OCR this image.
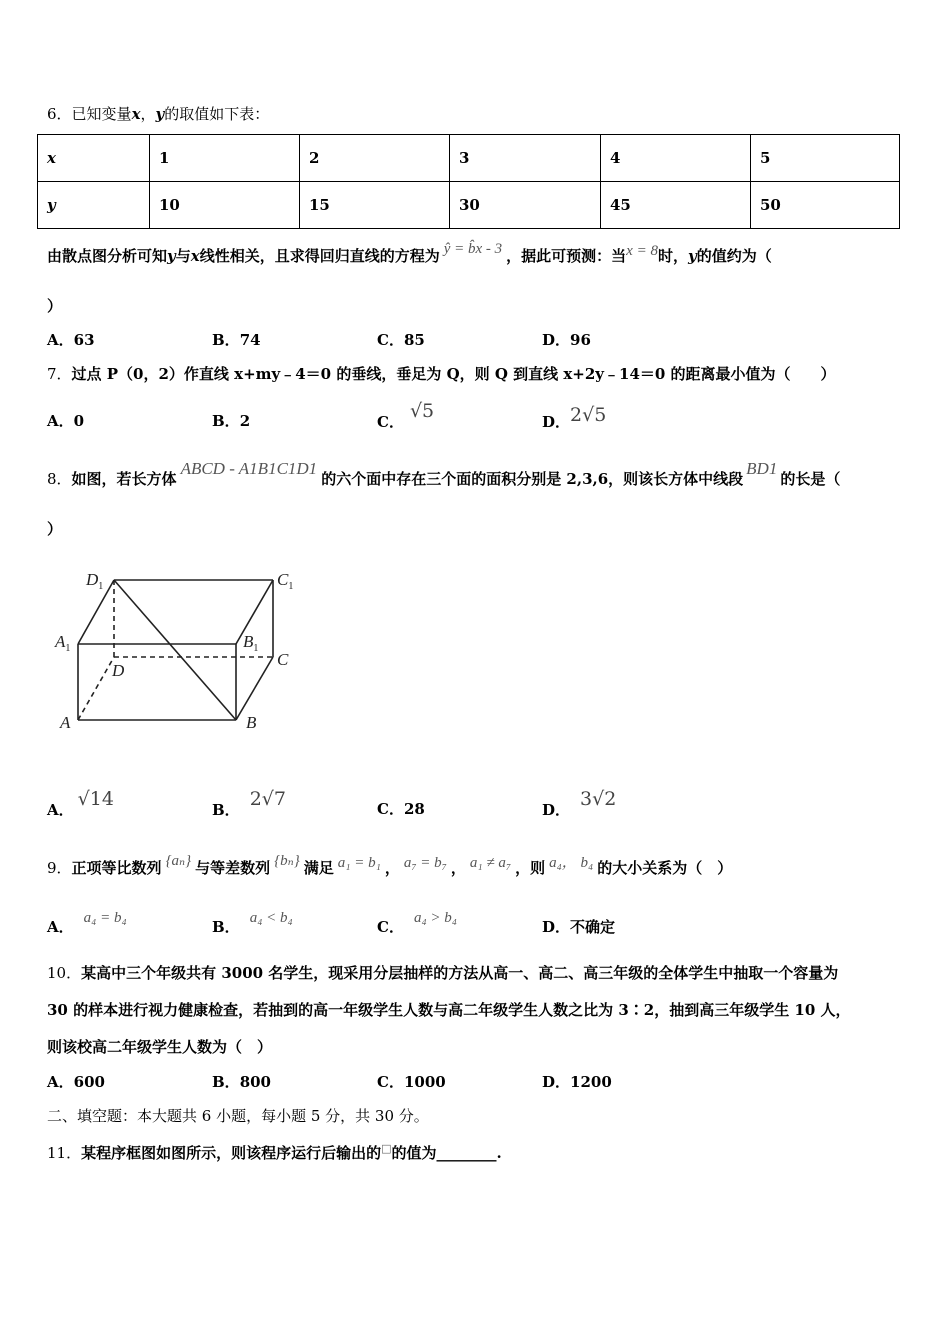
6．已知变量x，y的取值如下表：
x	1	2	3	4	5
y	10	15	30	45	50
由散点图分析可知y与x线性相关，且求得回归直线的方程为 ŷ = b̂x - 3 ，据此可预测：当x = 8时，y的值约为（
）
A．63	B．74	C．85	D．96
7．过点 P（0，2）作直线 x+my﹣4＝0 的垂线，垂足为 Q，则 Q 到直线 x+2y﹣14＝0 的距离最小值为（　　）
A．0	B．2	C． √5	D．2√5
8．如图，若长方体ABCD - A1B1C1D1的六个面中存在三个面的面积分别是 2,3,6，则该长方体中线段BD1的长是（
）
$D_1$	$C_1$
$A_1$	$B_1$
D
C
A	B
A． √14	B． 2√7	C．28	D． 3√2
9．正项等比数列 {aₙ} 与等差数列 {bₙ} 满足 a₁ = b₁ ， a₇ = b₇ ， a₁ ≠ a₇ ，则 a₄， b₄ 的大小关系为（　）
A． a₄ = b₄	B． a₄ < b₄	C． a₄ > b₄	D．不确定
10．某高中三个年级共有 3000 名学生，现采用分层抽样的方法从高一、高二、高三年级的全体学生中抽取一个容量为
30 的样本进行视力健康检查，若抽到的高一年级学生人数与高二年级学生人数之比为 3∶2，抽到高三年级学生 10 人，
则该校高二年级学生人数为（　）
A．600	B．800	C．1000	D．1200
二、填空题：本大题共 6 小题，每小题 5 分，共 30 分。
11．某程序框图如图所示，则该程序运行后输出的□的值为________.
